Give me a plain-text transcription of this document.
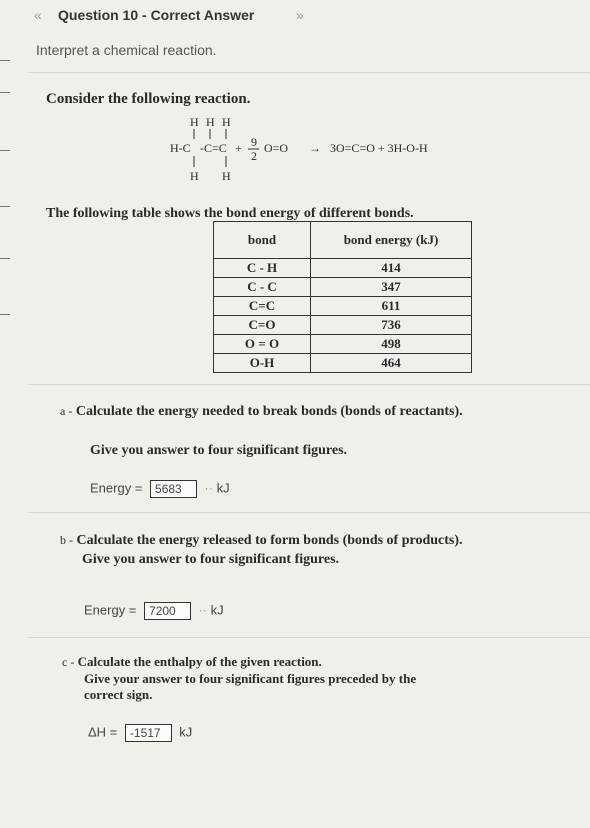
« Question 10 - Correct Answer	»
Interpret a chemical reaction.
Consider the following reaction.
H H H
H-C -C=C
H H
+ 9
2
O=O → 3O=C=O + 3H-O-H
The following table shows the bond energy of different bonds.
bond	bond energy (kJ)
C - H	414
C - C	347
C=C	611
C=O	736
O = O	498
O-H	464
a - Calculate the energy needed to break bonds (bonds of reactants).
Give you answer to four significant figures.
Energy = 5683 ·· kJ
b - Calculate the energy released to form bonds (bonds of products).
Give you answer to four significant figures.
Energy = 7200 ·· kJ
c - Calculate the enthalpy of the given reaction.
Give your answer to four significant figures preceded by the
correct sign.
ΔH = -1517 kJ
